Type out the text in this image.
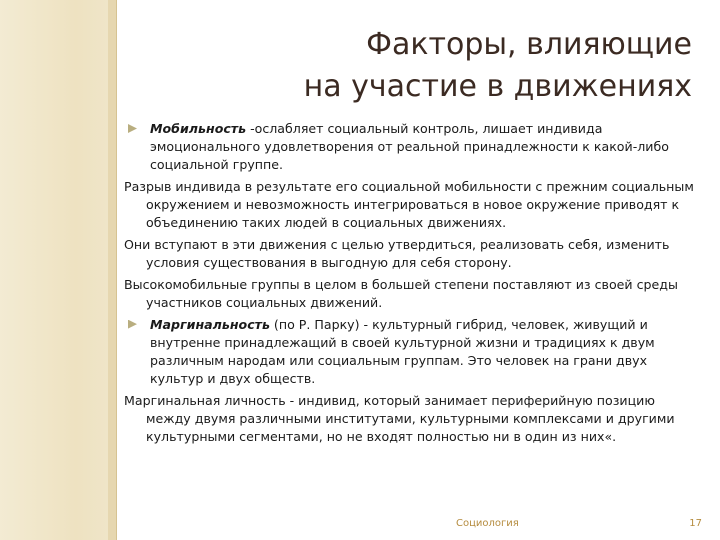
Факторы, влияющие
на участие в движениях

Мобильность -ослабляет социальный контроль, лишает индивида эмоционального удовлетворения от реальной принадлежности к какой-либо социальной группе.

Разрыв индивида в результате его социальной мобильности с прежним социальным окружением и невозможность интегрироваться в новое окружение приводят к объединению таких людей в социальных движениях.

Они вступают в эти движения с целью утвердиться, реализовать себя, изменить условия существования в выгодную для себя сторону.

Высокомобильные группы в целом в большей степени поставляют из своей среды участников социальных движений.

Маргинальность (по Р. Парку) - культурный гибрид, человек, живущий и внутренне принадлежащий в своей культурной жизни и традициях к двум различным народам или социальным группам. Это человек на грани двух культур и двух обществ.

Маргинальная личность - индивид, который занимает периферийную позицию между двумя различными институтами, культурными комплексами и другими культурными сегментами, но не входят полностью ни в один из них«.

Социология	17
